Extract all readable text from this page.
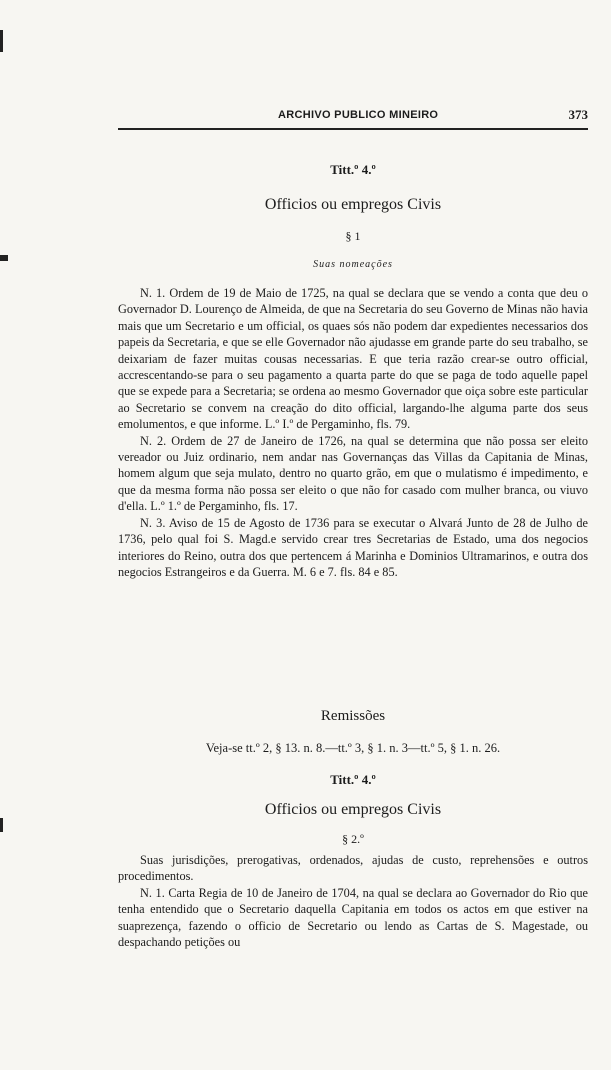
ARCHIVO PUBLICO MINEIRO	373
Titt.º 4.º
Officios ou empregos Civis
§ 1
Suas nomeações

N. 1. Ordem de 19 de Maio de 1725, na qual se declara que se vendo a conta que deu o Governador D. Lourenço de Almeida, de que na Secretaria do seu Governo de Minas não havia mais que um Secretario e um official, os quaes sós não podem dar expedientes necessarios dos papeis da Secretaria, e que se elle Governador não ajudasse em grande parte do seu trabalho, se deixariam de fazer muitas cousas necessarias. E que teria razão crear-se outro official, accrescentando-se para o seu pagamento a quarta parte do que se paga de todo aquelle papel que se expede para a Secretaria; se ordena ao mesmo Governador que oiça sobre este particular ao Secretario se convem na creação do dito official, largando-lhe alguma parte dos seus emolumentos, e que informe. L.º I.º de Pergaminho, fls. 79.

N. 2. Ordem de 27 de Janeiro de 1726, na qual se determina que não possa ser eleito vereador ou Juiz ordinario, nem andar nas Governanças das Villas da Capitania de Minas, homem algum que seja mulato, dentro no quarto grão, em que o mulatismo é impedimento, e que da mesma forma não possa ser eleito o que não for casado com mulher branca, ou viuvo d'ella. L.º 1.º de Pergaminho, fls. 17.

N. 3. Aviso de 15 de Agosto de 1736 para se executar o Alvará Junto de 28 de Julho de 1736, pelo qual foi S. Magd.e servido crear tres Secretarias de Estado, uma dos negocios interiores do Reino, outra dos que pertencem á Marinha e Dominios Ultramarinos, e outra dos negocios Estrangeiros e da Guerra. M. 6 e 7. fls. 84 e 85.

Remissões
Veja-se tt.º 2, § 13. n. 8.—tt.º 3, § 1. n. 3—tt.º 5, § 1. n. 26.
Titt.º 4.º
Officios ou empregos Civis
§ 2.º

Suas jurisdições, prerogativas, ordenados, ajudas de custo, reprehensões e outros procedimentos.

N. 1. Carta Regia de 10 de Janeiro de 1704, na qual se declara ao Governador do Rio que tenha entendido que o Secretario daquella Capitania em todos os actos em que estiver na suaprezença, fazendo o officio de Secretario ou lendo as Cartas de S. Magestade, ou despachando petições ou
